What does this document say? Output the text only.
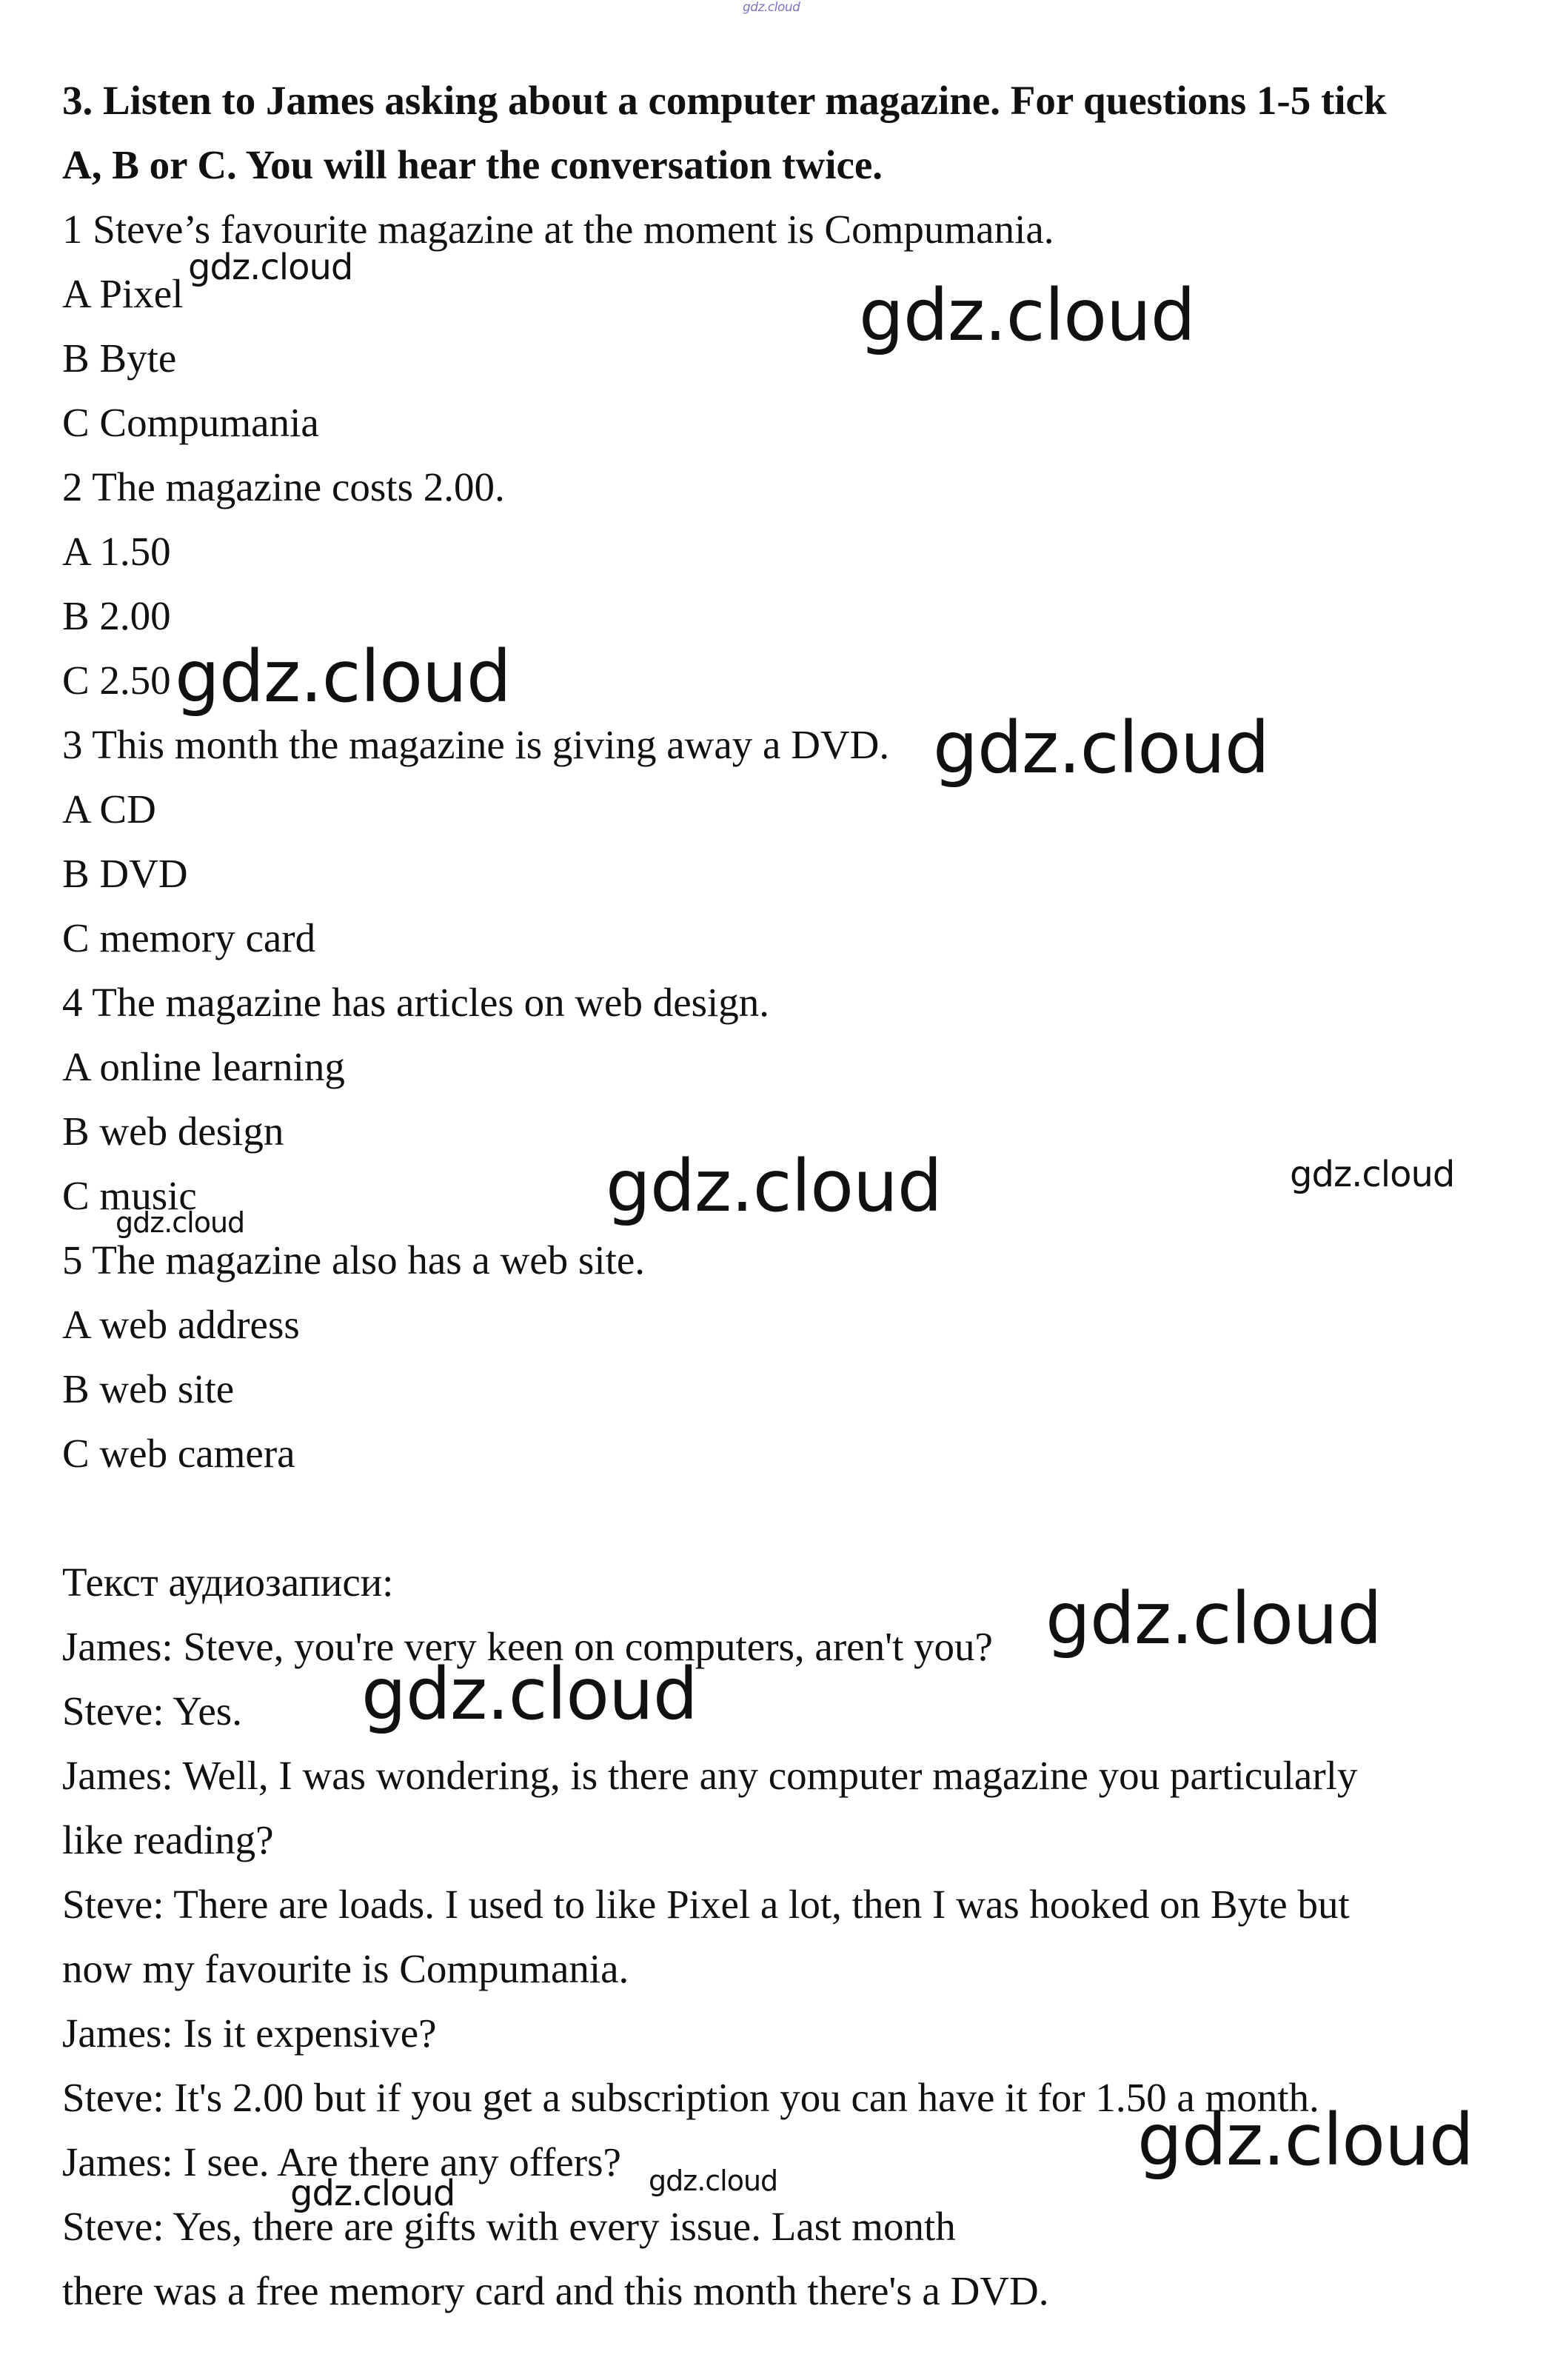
gdz.cloud

3. Listen to James asking about a computer magazine. For questions 1-5 tick

A, B or C. You will hear the conversation twice.

1 Steve’s favourite magazine at the moment is Compumania.

A Pixel

B Byte

C Compumania

2 The magazine costs 2.00.

A 1.50

B 2.00

C 2.50

3 This month the magazine is giving away a DVD.

A CD

B DVD

C memory card

4 The magazine has articles on web design.

A online learning

B web design

C music

5 The magazine also has a web site.

A web address

B web site

C web camera

Текст аудиозаписи:

James: Steve, you're very keen on computers, aren't you?

Steve: Yes.

James: Well, I was wondering, is there any computer magazine you particularly

like reading?

Steve: There are loads. I used to like Pixel a lot, then I was hooked on Byte but

now my favourite is Compumania.

James: Is it expensive?

Steve: It's 2.00 but if you get a subscription you can have it for 1.50 a month.

James: I see. Are there any offers?

Steve: Yes, there are gifts with every issue. Last month

there was a free memory card and this month there's a DVD.

gdz.cloud
gdz.cloud
gdz.cloud
gdz.cloud
gdz.cloud	gdz.cloud
gdz.cloud
gdz.cloud
gdz.cloud
gdz.cloud
gdz.cloud
gdz.cloud
